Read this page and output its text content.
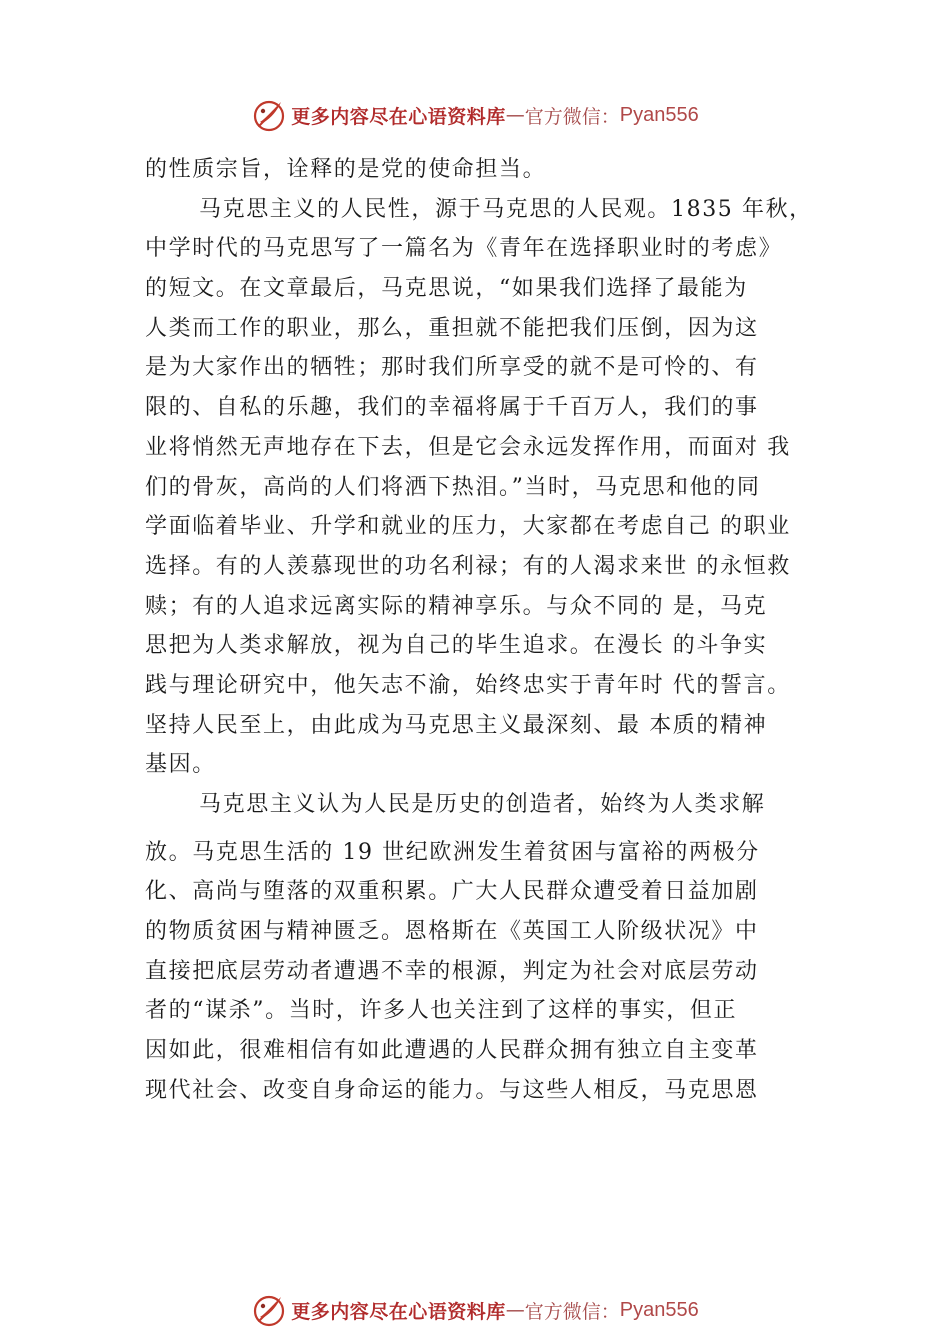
更多内容尽在心语资料库 — 官方微信： Pyan556
的性质宗旨，诠释的是党的使命担当。
马克思主义的人民性，源于马克思的人民观。1835 年秋，
中学时代的马克思写了一篇名为《青年在选择职业时的考虑》
的短文。在文章最后，马克思说，“如果我们选择了最能为
人类而工作的职业，那么，重担就不能把我们压倒，因为这
是为大家作出的牺牲；那时我们所享受的就不是可怜的、有
限的、自私的乐趣，我们的幸福将属于千百万人，我们的事
业将悄然无声地存在下去，但是它会永远发挥作用，而面对 我
们的骨灰，高尚的人们将洒下热泪。”当时，马克思和他的同
学面临着毕业、升学和就业的压力，大家都在考虑自己 的职业
选择。有的人羡慕现世的功名利禄；有的人渴求来世 的永恒救
赎；有的人追求远离实际的精神享乐。与众不同的 是，马克
思把为人类求解放，视为自己的毕生追求。在漫长 的斗争实
践与理论研究中，他矢志不渝，始终忠实于青年时 代的誓言。
坚持人民至上，由此成为马克思主义最深刻、最 本质的精神
基因。
马克思主义认为人民是历史的创造者，始终为人类求解
放。马克思生活的 19 世纪欧洲发生着贫困与富裕的两极分
化、高尚与堕落的双重积累。广大人民群众遭受着日益加剧
的物质贫困与精神匮乏。恩格斯在《英国工人阶级状况》中
直接把底层劳动者遭遇不幸的根源，判定为社会对底层劳动
者的“谋杀”。当时，许多人也关注到了这样的事实，但正
因如此，很难相信有如此遭遇的人民群众拥有独立自主变革
现代社会、改变自身命运的能力。与这些人相反，马克思恩
更多内容尽在心语资料库 — 官方微信： Pyan556
